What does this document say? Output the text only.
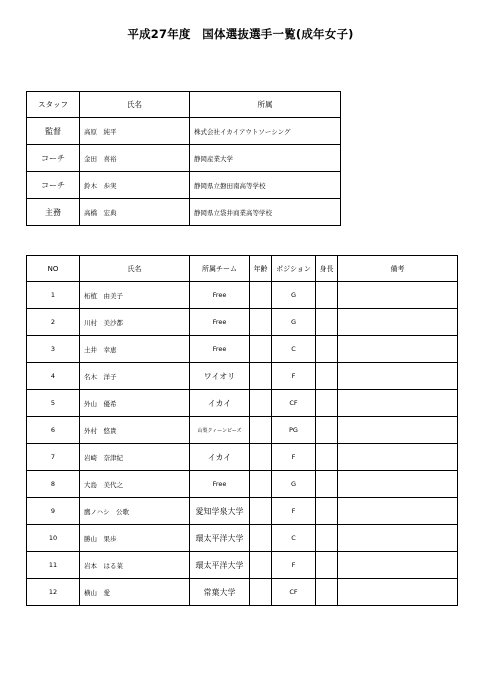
平成27年度　国体選抜選手一覧(成年女子)
スタッフ	氏名	所属
監督	高原　純平	株式会社イカイアウトソーシング
コーチ	金田　喜裕	静岡産業大学
コーチ	鈴木　歩実	静岡県立磐田南高等学校
主務	高橋　宏典	静岡県立袋井商業高等学校
NO	氏名	所属チーム	年齢	ポジション	身長	備考
1	柘植　由美子	Free		G		
2	川村　美沙都	Free		G		
3	土井　幸恵	Free		C		
4	名木　洋子	ワイオリ		F		
5	外山　優希	イカイ		CF		
6	外村　悠貴	山梨クィーンビーズ		PG		
7	岩崎　奈津紀	イカイ		F		
8	大島　美代之	Free		G		
9	鷹ノハシ　公歌	愛知学泉大学		F		
10	勝山　果歩	環太平洋大学		C		
11	岩本　はる菜	環太平洋大学		F		
12	横山　愛	常葉大学		CF		
